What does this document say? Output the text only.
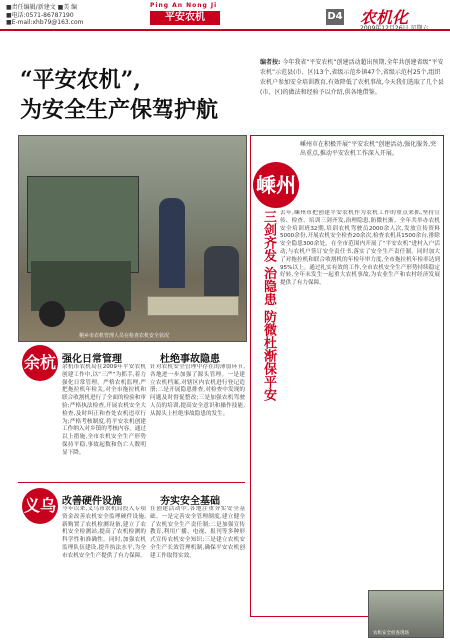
■责任编辑/新建文 ■美 编
■电话:0571-86787190
■E-mail:xhb79@163.com
Ping An Nong Ji
平安农机	D4 农机化
“平安农机”,
为安全生产保驾护航
编者按: 今年我省“平安农机”创建活动超出预期,全年共创建省级“平安农机”示范县(市、区)13个,省级示范乡镇47个,省级示范村25个,组织农机户参加安全培训教育,有效降低了农机事故,今天我们选取了几个县(市、区)的做法和经验予以介绍,供各地借鉴。
桐乡市农机管理人员在检查农机安全状况
嵊州
嵊州市在积极开展“平安农机”创建活动,强化服务,突出重点,推动平安农机工作深入开展。
三剑齐发 治隐患 防微杜渐保平安 去年,嵊州市把创建平安农机作为农机工作的重点来抓,坚持宣传、检查、培训三剑齐发,治理隐患,防微杜渐。全年共举办农机安全培训班32期,培训农机驾驶员2000余人次,发放宣传资料5000余份,开展农机安全检查20余次,检查农机具1500余台,排除安全隐患300余处。在全市范围内开展了“平安农机”进村入户活动,与农机户签订安全责任书,落实了安全生产责任制。同时加大了对拖拉机和联合收割机的年检年审力度,全市拖拉机年检率达到95%以上。通过扎实有效的工作,全市农机安全生产形势持续稳定好转,全年未发生一起重大农机事故,为农业生产和农村经济发展提供了有力保障。
余杭 强化日常管理
余杭市农机局在2009年平安农机创建工作中,以“三严”为抓手,着力强化日常管理。严格农机监理,严把拖拉机年检关,对全市拖拉机和联合收割机进行了全面的检验和审验;严格执法检查,开展农机安全大检查,及时纠正和查处农机违章行为;严格考核制度,将平安农机创建工作纳入对乡镇的考核内容。通过以上措施,全市农机安全生产形势保持平稳,事故起数和伤亡人数明显下降。
杜绝事故隐患
针对农机安全管理中存在的薄弱环节,各地进一步加强了源头管理。一是建立农机档案,对辖区内农机进行登记造册;二是开展隐患排查,对检查中发现的问题及时督促整改;三是加强农机驾驶人员的培训,提高安全意识和操作技能,从源头上杜绝事故隐患的发生。
义乌 改善硬件设施
今年以来,义乌市农机局投入专项资金改善农机安全监理硬件设施,新购置了农机检测设备,建立了农机安全检测站,提高了农机检测的科学性和准确性。同时,加强农机监理队伍建设,提升执法水平,为全市农机安全生产提供了有力保障。
夯实安全基础
在创建活动中,各地注重夯实安全基础。一是完善安全管理制度,建立健全了农机安全生产责任制;二是加强宣传教育,利用广播、电视、报刊等多种形式宣传农机安全知识;三是建立农机安全生产长效管理机制,确保平安农机创建工作取得实效。
农机安全检查现场
